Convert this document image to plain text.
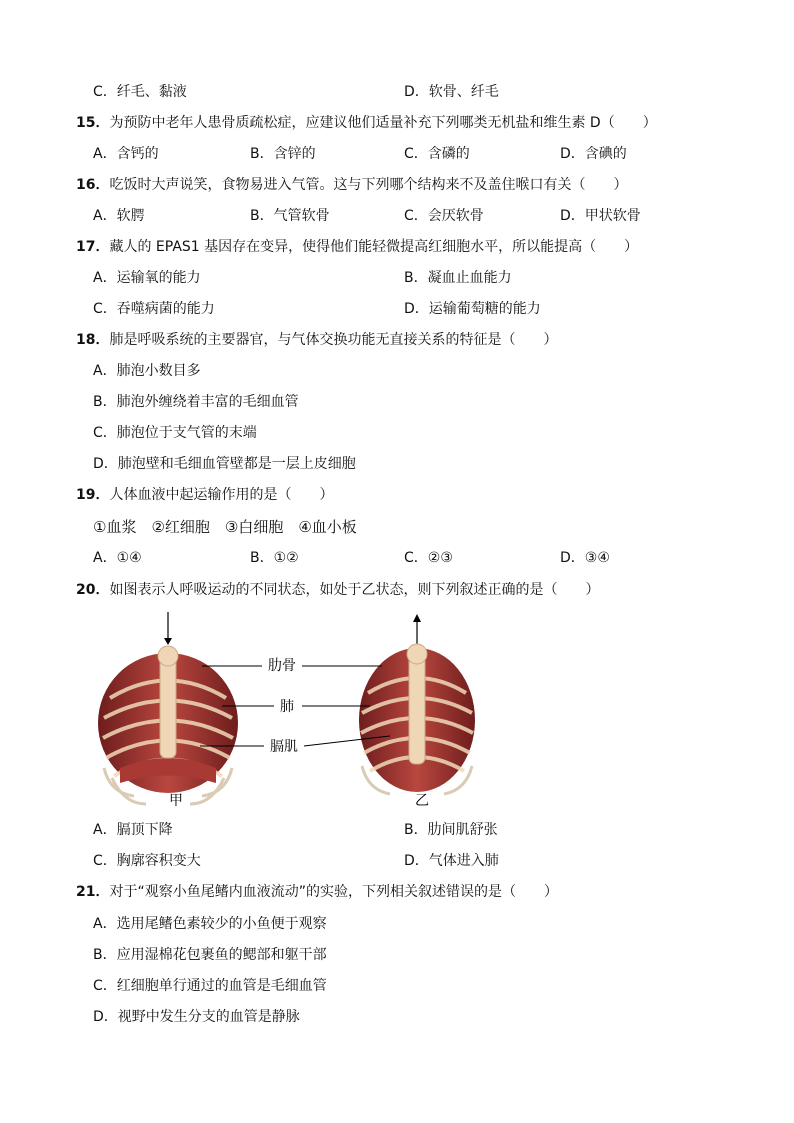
C．纤毛、黏液	D．软骨、纤毛
15．为预防中老年人患骨质疏松症，应建议他们适量补充下列哪类无机盐和维生素 D（　　）
A．含钙的	B．含锌的	C．含磷的	D．含碘的
16．吃饭时大声说笑，食物易进入气管。这与下列哪个结构来不及盖住喉口有关（　　）
A．软腭	B．气管软骨	C．会厌软骨	D．甲状软骨
17．藏人的 EPAS1 基因存在变异，使得他们能轻微提高红细胞水平，所以能提高（　　）
A．运输氧的能力	B．凝血止血能力
C．吞噬病菌的能力	D．运输葡萄糖的能力
18．肺是呼吸系统的主要器官，与气体交换功能无直接关系的特征是（　　）
A．肺泡小数目多
B．肺泡外缠绕着丰富的毛细血管
C．肺泡位于支气管的末端
D．肺泡壁和毛细血管壁都是一层上皮细胞
19．人体血液中起运输作用的是（　　）
①血浆　②红细胞　③白细胞　④血小板
A．①④	B．①②	C．②③	D．③④
20．如图表示人呼吸运动的不同状态，如处于乙状态，则下列叙述正确的是（　　）
肋骨
肺
膈肌
甲	乙
A．膈顶下降	B．肋间肌舒张
C．胸廓容积变大	D．气体进入肺
21．对于“观察小鱼尾鳍内血液流动”的实验，下列相关叙述错误的是（　　）
A．选用尾鳍色素较少的小鱼便于观察
B．应用湿棉花包裹鱼的鳃部和躯干部
C．红细胞单行通过的血管是毛细血管
D．视野中发生分支的血管是静脉
